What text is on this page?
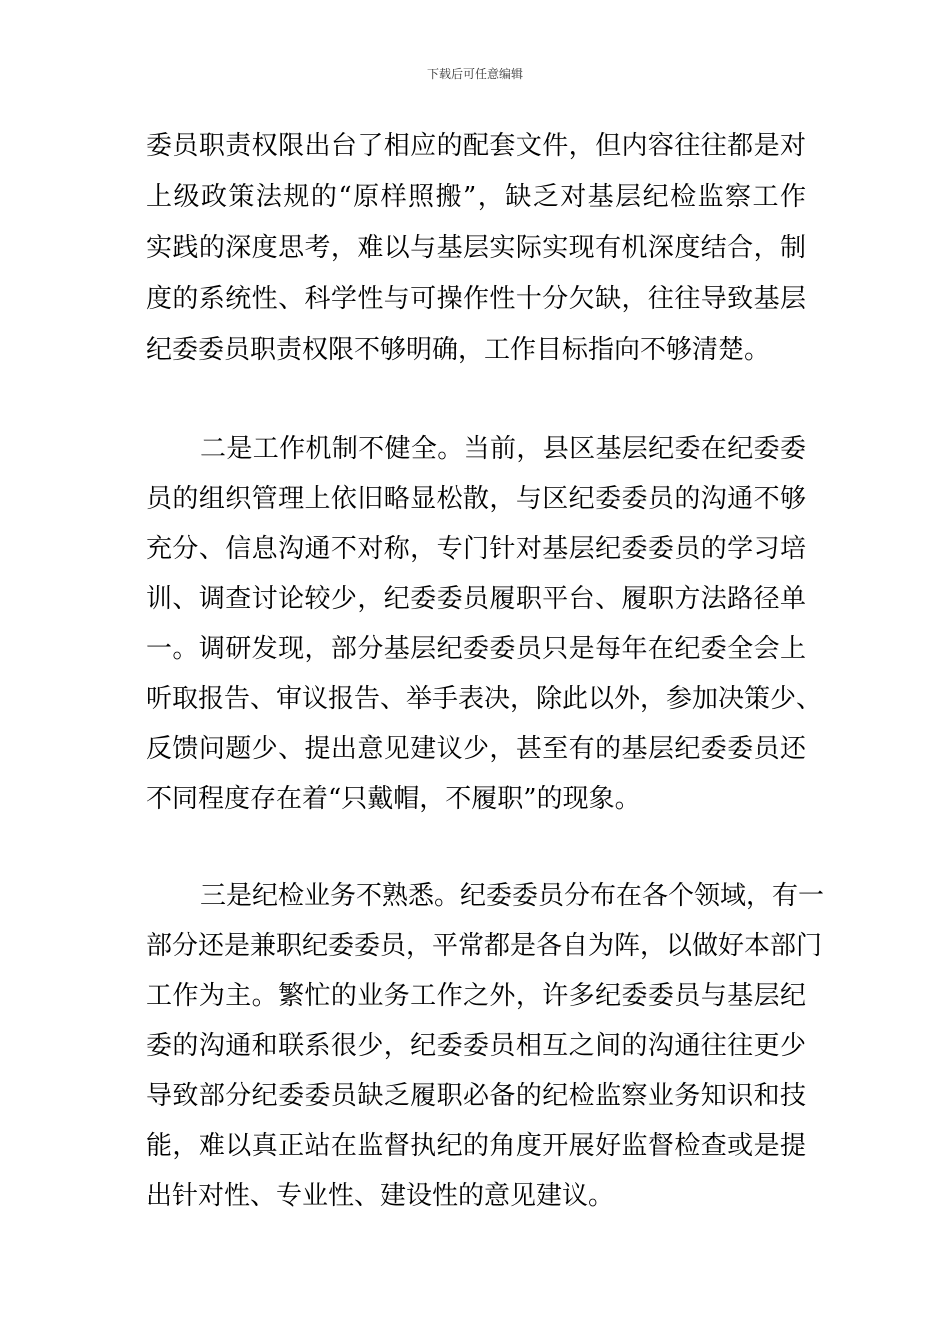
下载后可任意编辑
委员职责权限出台了相应的配套文件，但内容往往都是对
上级政策法规的“原样照搬”，缺乏对基层纪检监察工作
实践的深度思考，难以与基层实际实现有机深度结合，制
度的系统性、科学性与可操作性十分欠缺，往往导致基层
纪委委员职责权限不够明确，工作目标指向不够清楚。
二是工作机制不健全。当前，县区基层纪委在纪委委
员的组织管理上依旧略显松散，与区纪委委员的沟通不够
充分、信息沟通不对称，专门针对基层纪委委员的学习培
训、调查讨论较少，纪委委员履职平台、履职方法路径单
一。调研发现，部分基层纪委委员只是每年在纪委全会上
听取报告、审议报告、举手表决，除此以外，参加决策少、
反馈问题少、提出意见建议少，甚至有的基层纪委委员还
不同程度存在着“只戴帽，不履职”的现象。
三是纪检业务不熟悉。纪委委员分布在各个领域，有一
部分还是兼职纪委委员，平常都是各自为阵，以做好本部门
工作为主。繁忙的业务工作之外，许多纪委委员与基层纪
委的沟通和联系很少，纪委委员相互之间的沟通往往更少
导致部分纪委委员缺乏履职必备的纪检监察业务知识和技
能，难以真正站在监督执纪的角度开展好监督检查或是提
出针对性、专业性、建设性的意见建议。
